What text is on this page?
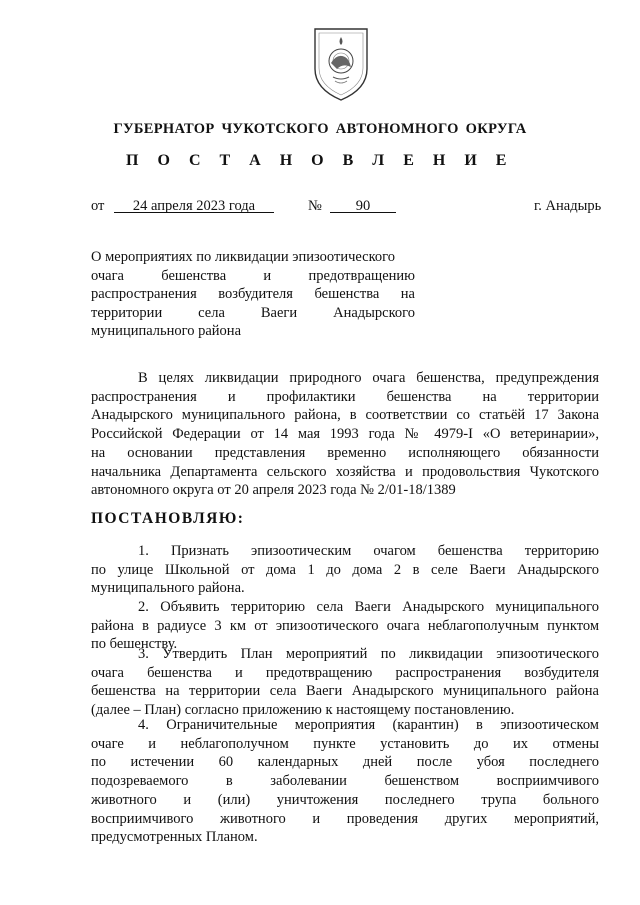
ГУБЕРНАТОР ЧУКОТСКОГО АВТОНОМНОГО ОКРУГА
П О С Т А Н О В Л Е Н И Е
от	24 апреля 2023 года	№	90	г. Анадырь
О мероприятиях по ликвидации эпизоотического
очага бешенства и предотвращению
распространения возбудителя бешенства на
территории села Ваеги Анадырского
муниципального района
В целях ликвидации природного очага бешенства, предупреждения
распространения и профилактики бешенства на территории
Анадырского муниципального района, в соответствии со статьёй 17 Закона
Российской Федерации от 14 мая 1993 года № 4979-I «О ветеринарии»,
на основании представления временно исполняющего обязанности
начальника Департамента сельского хозяйства и продовольствия Чукотского
автономного округа от 20 апреля 2023 года № 2/01-18/1389
ПОСТАНОВЛЯЮ:
1. Признать эпизоотическим очагом бешенства территорию
по улице Школьной от дома 1 до дома 2 в селе Ваеги Анадырского
муниципального района.
2. Объявить территорию села Ваеги Анадырского муниципального
района в радиусе 3 км от эпизоотического очага неблагополучным пунктом
по бешенству.
3. Утвердить План мероприятий по ликвидации эпизоотического
очага бешенства и предотвращению распространения возбудителя
бешенства на территории села Ваеги Анадырского муниципального района
(далее – План) согласно приложению к настоящему постановлению.
4. Ограничительные мероприятия (карантин) в эпизоотическом
очаге и неблагополучном пункте установить до их отмены
по истечении 60 календарных дней после убоя последнего
подозреваемого в заболевании бешенством восприимчивого
животного и (или) уничтожения последнего трупа больного
восприимчивого животного и проведения других мероприятий,
предусмотренных Планом.
